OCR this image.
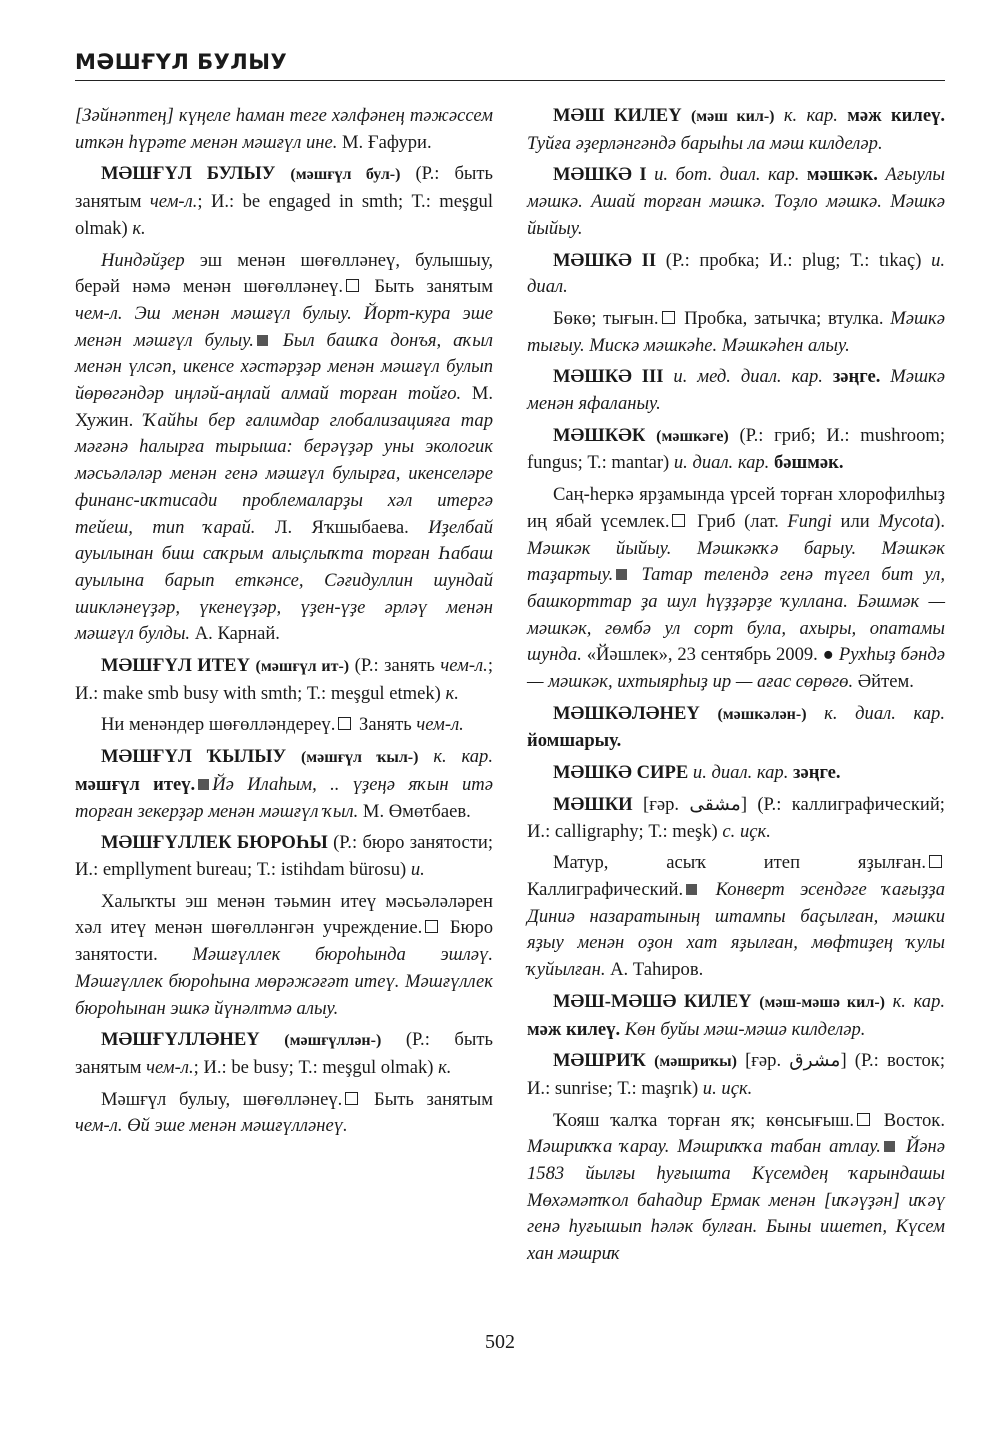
МӘШҒҮЛ БУЛЫУ

[Зәйнәптең] күңеле һаман теге хәлфәнең тәжәссем иткән һүрәте менән мәшғүл ине. М. Ғафури.

МӘШҒҮЛ БУЛЫУ (мәшғүл бул-) (Р.: быть занятым чем-л.; И.: be engaged in smth; Т.: meşgul olmak) к.

Ниндәйҙер эш менән шөғөлләнеү, булышыу, берәй нәмә менән шөғөлләнеү. Быть занятым чем-л. Эш менән мәшғүл булыу. Йорт-кура эше менән мәшғүл булыу. Был башҡа донъя, аҡыл менән үлсәп, икенсе хәстәрҙәр менән мәшғүл булып йөрөгәндәр иңләй-аңлай алмай торған тойғо. М. Хужин. Ҡайһы бер ғалимдар глобализацияға тар мәғәнә һалырға тырыша: берәүҙәр уны экологик мәсьәләләр менән генә мәшғүл булырға, икенселәре финанс-иҡтисади проблемаларҙы хәл итергә тейеш, тип ҡарай. Л. Яҡшыбаева. Иҙелбай ауылынан биш саҡрым алыҫлыҡта торған Һабаш ауылына барып еткәнсе, Сәғидуллин шундай шикләнеүҙәр, үкенеүҙәр, үҙен-үҙе әрләү менән мәшғүл булды. А. Карнай.

МӘШҒҮЛ ИТЕҮ (мәшғүл ит-) (Р.: занять чем-л.; И.: make smb busy with smth; Т.: meşgul etmek) к.

Ни менәндер шөғөлләндереү. Занять чем-л.

МӘШҒҮЛ ҠЫЛЫУ (мәшғүл ҡыл-) к. кар. мәшғүл итеү. Йә Илаһым, .. үҙеңә яҡын итә торған зекерҙәр менән мәшғүл ҡыл. М. Өмөтбаев.

МӘШҒҮЛЛЕК БЮРОҺЫ (Р.: бюро занятости; И.: empllyment bureau; Т.: istihdam bürosu) и.

Халыҡты эш менән тәьмин итеү мәсьәләләрен хәл итеү менән шөғөлләнгән учреждение. Бюро занятости. Мәшғүллек бюроһында эшләү. Мәшғүллек бюроһына мөрәжәғәт итеү. Мәшғүллек бюроһынан эшкә йүнәлтмә алыу.

МӘШҒҮЛЛӘНЕҮ (мәшғүллән-) (Р.: быть занятым чем-л.; И.: be busy; Т.: meşgul olmak) к.

Мәшғүл булыу, шөғөлләнеү. Быть занятым чем-л. Өй эше менән мәшғүлләнеү.

МӘШ КИЛЕҮ (мәш кил-) к. кар. мәж килеү. Туйға әҙерләнгәндә барыһы ла мәш килделәр.

МӘШКӘ I и. бот. диал. кар. мәшкәк. Ағыулы мәшкә. Ашай торған мәшкә. Тоҙло мәшкә. Мәшкә йыйыу.

МӘШКӘ II (Р.: пробка; И.: plug; Т.: tıkaç) и. диал.

Бөкө; тығын. Пробка, затычка; втулка. Мәшкә тығыу. Мискә мәшкәһе. Мәшкәһен алыу.

МӘШКӘ III и. мед. диал. кар. зәңге. Мәшкә менән яфаланыу.

МӘШКӘК (мәшкәге) (Р.: гриб; И.: mushroom; fungus; Т.: mantar) и. диал. кар. бәшмәк.

Саң-һеркә ярҙамында үрсей торған хлорофилһыҙ иң ябай үсемлек. Гриб (лат. Fungi или Mycota). Мәшкәк йыйыу. Мәшкәкҡә барыу. Мәшкәк таҙартыу. Татар телендә генә түгел бит ул, башкорттар ҙа шул һүҙҙәрҙе ҡуллана. Бәшмәк — мәшкәк, гөмбә ул сорт була, ахыры, опатамы шунда. «Йәшлек», 23 сентябрь 2009. ● Рухһыҙ бәндә — мәшкәк, ихтыярһыҙ ир — ағас сөрөгө. Әйтем.

МӘШКӘЛӘНЕҮ (мәшкәлән-) к. диал. кар. йомшарыу.

МӘШКӘ СИРЕ и. диал. кар. зәңге.

МӘШКИ [ғәр. مشقى] (Р.: каллиграфический; И.: calligraphy; Т.: meşk) с. иҫк.

Матур, асыҡ итеп яҙылған. Каллиграфический. Конверт эсендәге ҡағыҙҙа Диниә назаратының штампы баҫылған, мәшки яҙыу менән оҙон хат яҙылған, мөфтиҙең ҡулы ҡуйылған. А. Таһиров.

МӘШ-МӘШӘ КИЛЕҮ (мәш-мәшә кил-) к. кар. мәж килеү. Көн буйы мәш-мәшә килделәр.

МӘШРИҠ (мәшриҡы) [ғәр. مشرق] (Р.: восток; И.: sunrise; Т.: maşrık) и. иҫк.

Ҡояш ҡалҡа торған яҡ; көнсығыш. Восток. Мәшриҡҡа ҡарау. Мәшриҡҡа табан атлау. Йәнә 1583 йылғы һуғышта Күсемдең ҡарындашы Мөхәмәтҡол баһадир Ермак менән [иҡәүҙән] иҡәү генә һуғышып һәләк булған. Быны ишетеп, Күсем хан мәшриҡ

502
